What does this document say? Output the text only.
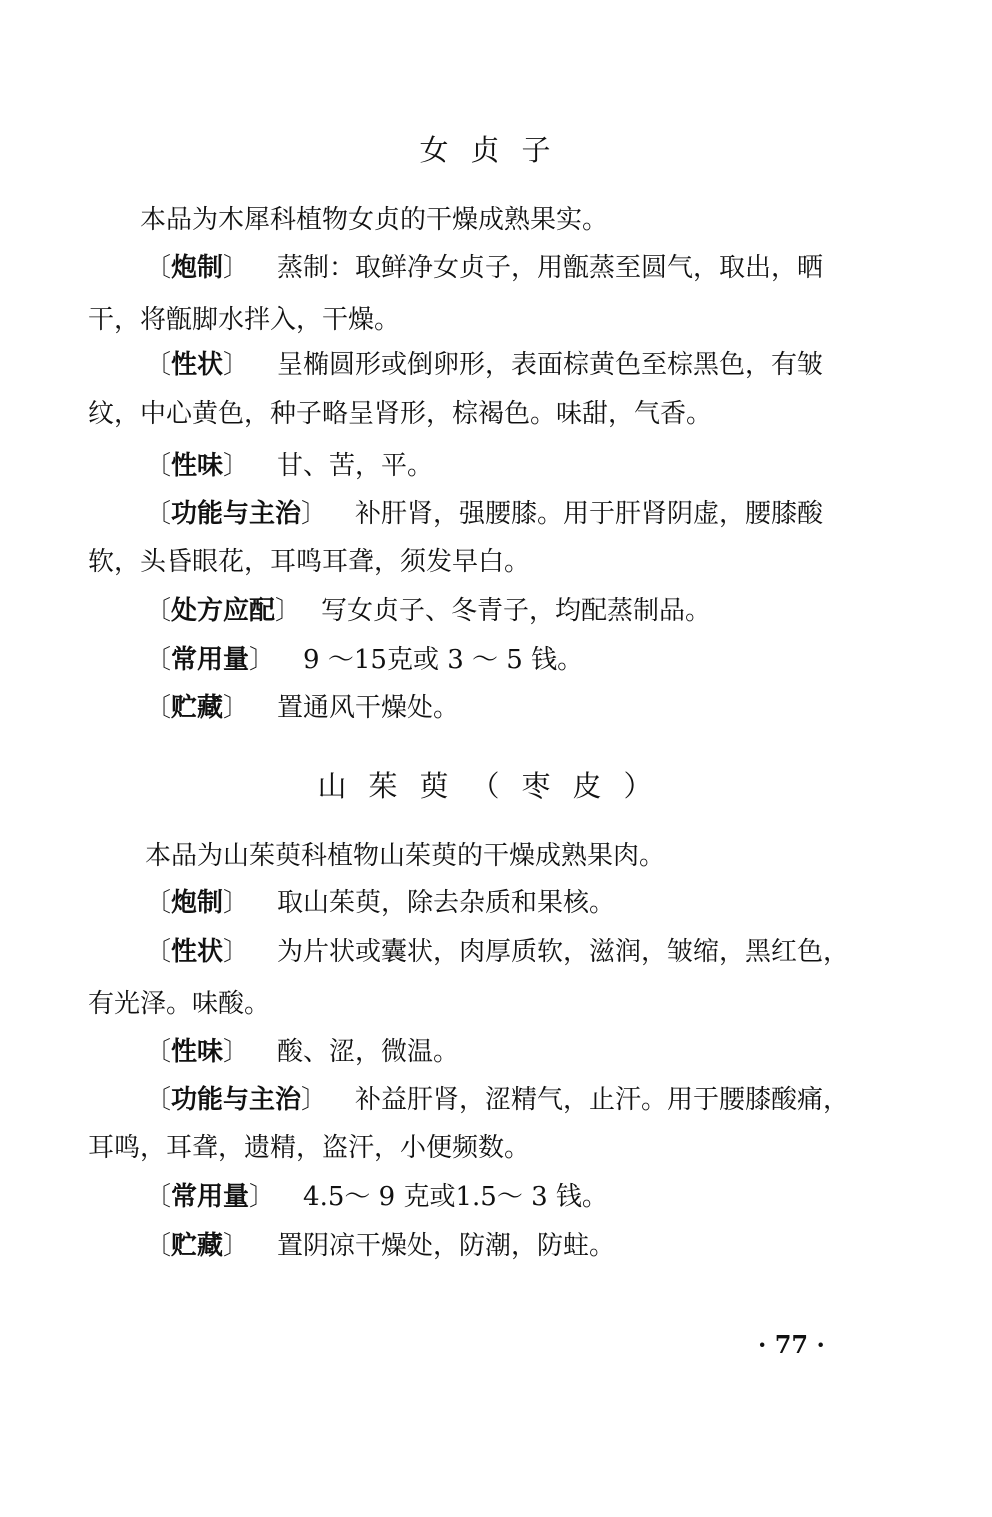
女贞子
本品为木犀科植物女贞的干燥成熟果实。
〔炮制〕 蒸制：取鲜净女贞子，用甑蒸至圆气，取出，晒
干，将甑脚水拌入，干燥。
〔性状〕 呈椭圆形或倒卵形，表面棕黄色至棕黑色，有皱
纹，中心黄色，种子略呈肾形，棕褐色。味甜，气香。
〔性味〕 甘、苦，平。
〔功能与主治〕 补肝肾，强腰膝。用于肝肾阴虚，腰膝酸
软，头昏眼花，耳鸣耳聋，须发早白。
〔处方应配〕 写女贞子、冬青子，均配蒸制品。
〔常用量〕 9 ～15克或 3 ～ 5 钱。
〔贮藏〕 置通风干燥处。
山茱萸（枣皮）
本品为山茱萸科植物山茱萸的干燥成熟果肉。
〔炮制〕 取山茱萸，除去杂质和果核。
〔性状〕 为片状或囊状，肉厚质软，滋润，皱缩，黑红色，
有光泽。味酸。
〔性味〕 酸、涩，微温。
〔功能与主治〕 补益肝肾，涩精气，止汗。用于腰膝酸痛，
耳鸣，耳聋，遗精，盗汗，小便频数。
〔常用量〕 4.5～ 9 克或1.5～ 3 钱。
〔贮藏〕 置阴凉干燥处，防潮，防蛀。
· 77 ·
